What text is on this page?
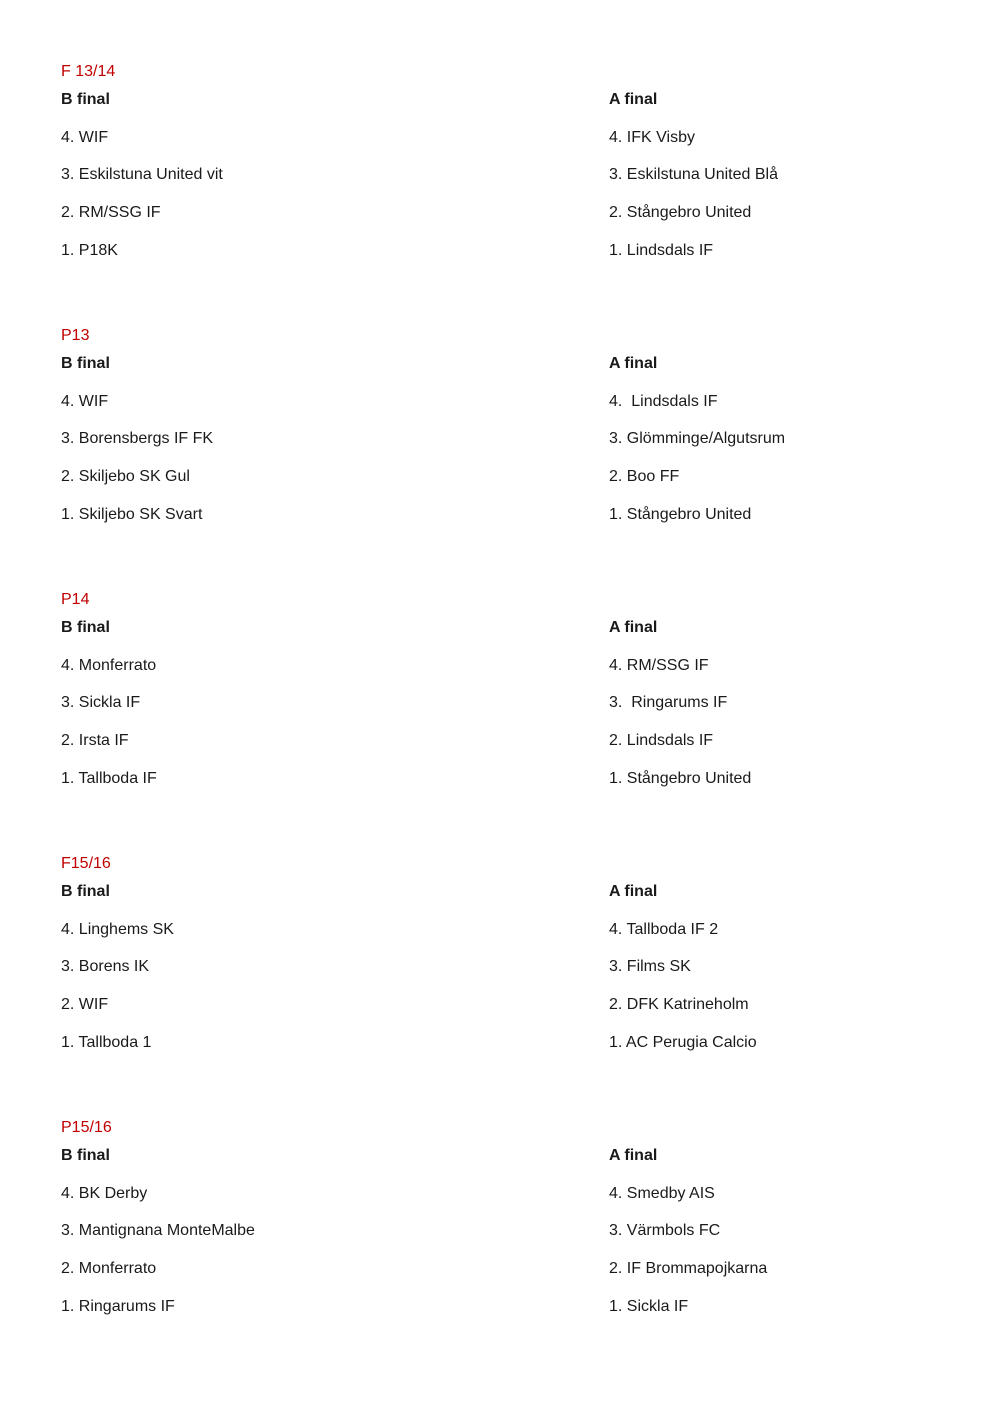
F 13/14
B final
4. WIF
3. Eskilstuna United vit
2. RM/SSG IF
1. P18K
A final
4. IFK Visby
3. Eskilstuna United Blå
2. Stångebro United
1. Lindsdals IF
P13
B final
4. WIF
3. Borensbergs IF FK
2. Skiljebo SK Gul
1. Skiljebo SK Svart
A final
4.  Lindsdals IF
3. Glömminge/Algutsrum
2. Boo FF
1. Stångebro United
P14
B final
4. Monferrato
3. Sickla IF
2. Irsta IF
1. Tallboda IF
A final
4. RM/SSG IF
3.  Ringarums IF
2. Lindsdals IF
1. Stångebro United
F15/16
B final
4. Linghems SK
3. Borens IK
2. WIF
1. Tallboda 1
A final
4. Tallboda IF 2
3. Films SK
2. DFK Katrineholm
1. AC Perugia Calcio
P15/16
B final
4. BK Derby
3. Mantignana MonteMalbe
2. Monferrato
1. Ringarums IF
A final
4. Smedby AIS
3. Värmbols FC
2. IF Brommapojkarna
1. Sickla IF
